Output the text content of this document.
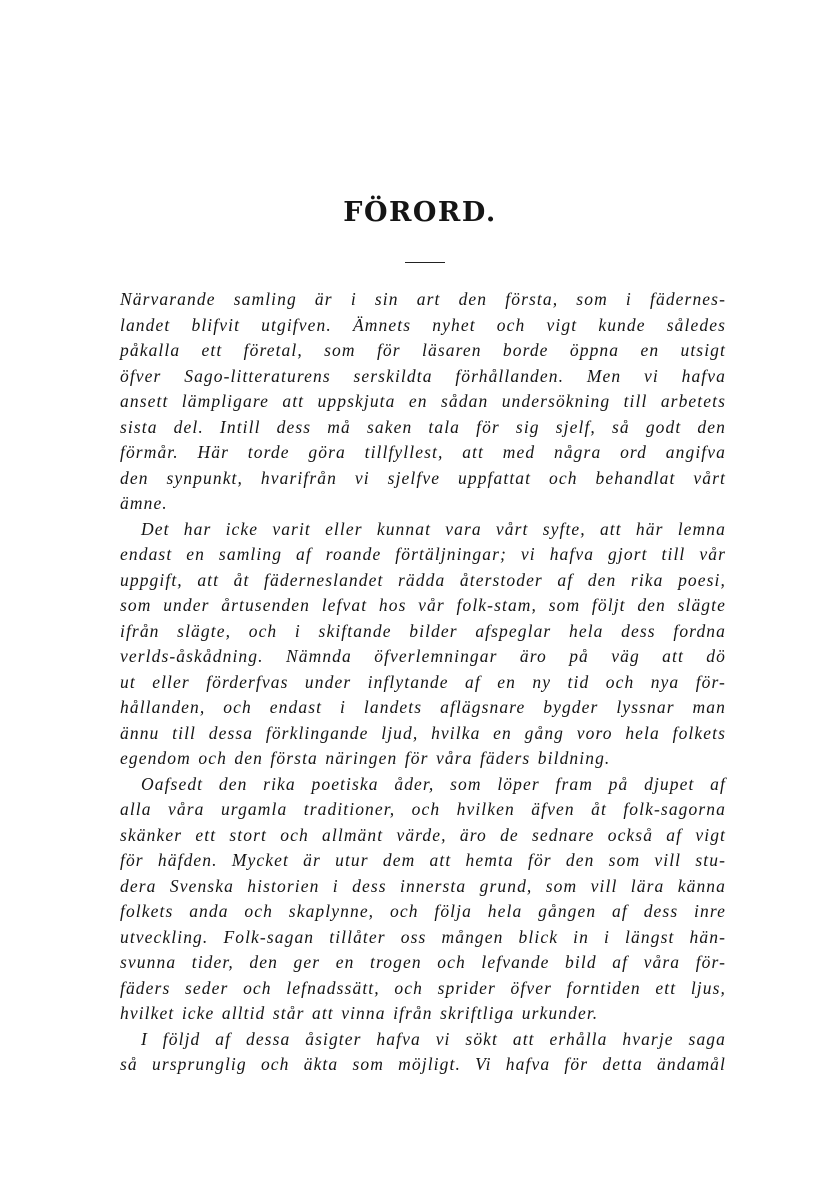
FÖRORD.
Närvarande samling är i sin art den första, som i fädernes-
landet blifvit utgifven. Ämnets nyhet och vigt kunde således
påkalla ett företal, som för läsaren borde öppna en utsigt
öfver Sago-litteraturens serskildta förhållanden. Men vi hafva
ansett lämpligare att uppskjuta en sådan undersökning till arbetets
sista del. Intill dess må saken tala för sig sjelf, så godt den
förmår. Här torde göra tillfyllest, att med några ord angifva
den synpunkt, hvarifrån vi sjelfve uppfattat och behandlat vårt
ämne.
Det har icke varit eller kunnat vara vårt syfte, att här lemna
endast en samling af roande förtäljningar; vi hafva gjort till vår
uppgift, att åt fäderneslandet rädda återstoder af den rika poesi,
som under årtusenden lefvat hos vår folk-stam, som följt den slägte
ifrån slägte, och i skiftande bilder afspeglar hela dess fordna
verlds-åskådning. Nämnda öfverlemningar äro på väg att dö
ut eller förderfvas under inflytande af en ny tid och nya för-
hållanden, och endast i landets aflägsnare bygder lyssnar man
ännu till dessa förklingande ljud, hvilka en gång voro hela folkets
egendom och den första näringen för våra fäders bildning.
Oafsedt den rika poetiska åder, som löper fram på djupet af
alla våra urgamla traditioner, och hvilken äfven åt folk-sagorna
skänker ett stort och allmänt värde, äro de sednare också af vigt
för häfden. Mycket är utur dem att hemta för den som vill stu-
dera Svenska historien i dess innersta grund, som vill lära känna
folkets anda och skaplynne, och följa hela gången af dess inre
utveckling. Folk-sagan tillåter oss mången blick in i längst hän-
svunna tider, den ger en trogen och lefvande bild af våra för-
fäders seder och lefnadssätt, och sprider öfver forntiden ett ljus,
hvilket icke alltid står att vinna ifrån skriftliga urkunder.
I följd af dessa åsigter hafva vi sökt att erhålla hvarje saga
så ursprunglig och äkta som möjligt. Vi hafva för detta ändamål
